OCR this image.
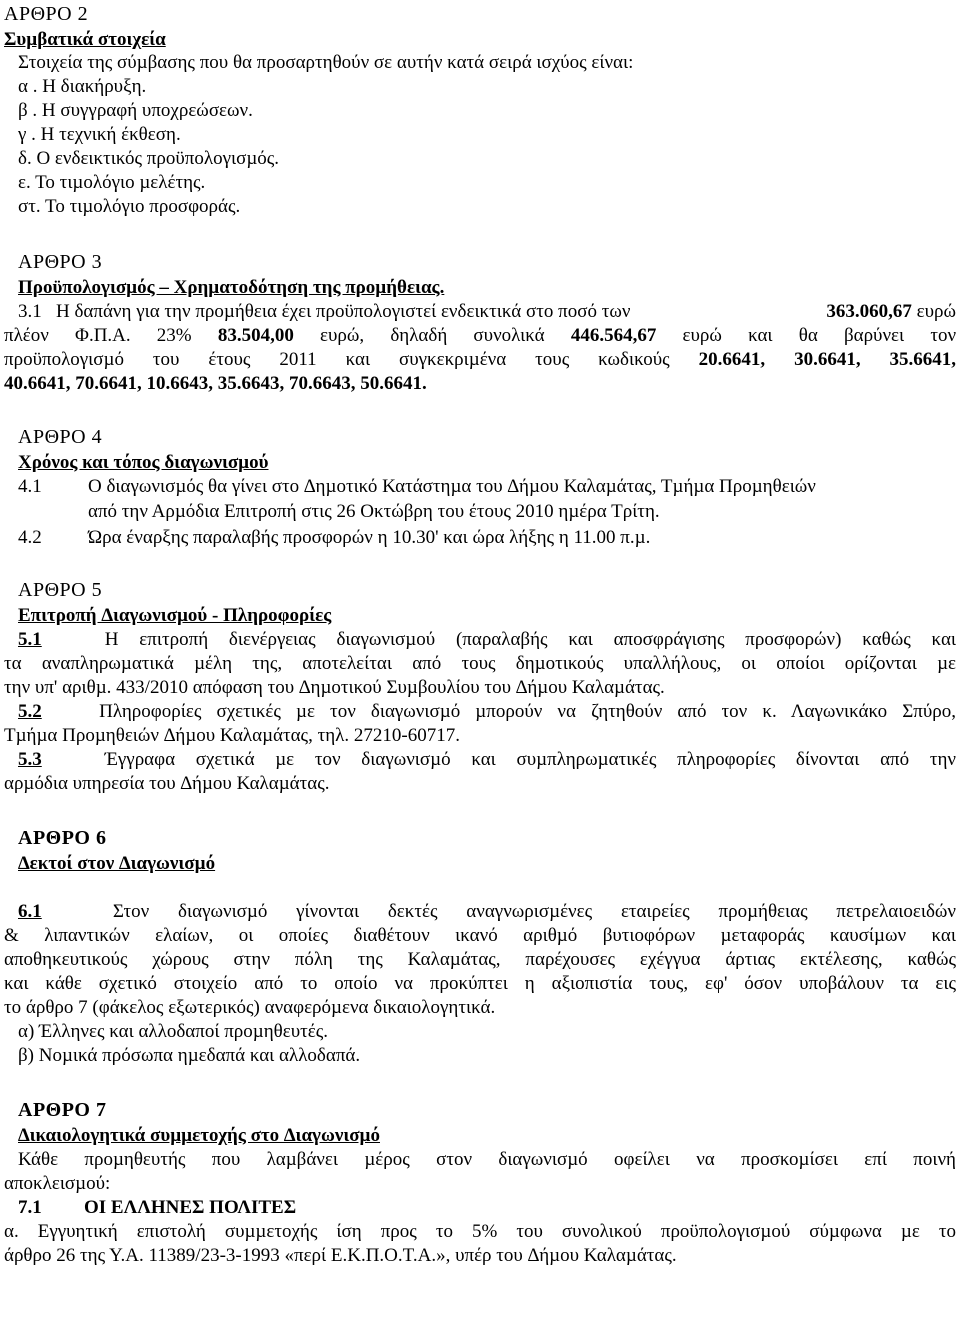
ΑΡΘΡΟ 2
Συµβατικά στοιχεία
Στοιχεία της σύµβασης που θα προσαρτηθούν σε αυτήν κατά σειρά ισχύος είναι:
α . Η διακήρυξη.
β . Η συγγραφή υποχρεώσεων.
γ . Η τεχνική έκθεση.
δ. Ο ενδεικτικός προϋπολογισµός.
ε. Το τιµολόγιο µελέτης.
στ. Το τιµολόγιο προσφοράς.
ΑΡΘΡΟ 3
Προϋπολογισµός – Χρηµατοδότηση της προµήθειας.
3.1 Η δαπάνη για την προµήθεια έχει προϋπολογιστεί ενδεικτικά στο ποσό των	363.060,67 ευρώ
πλέον Φ.Π.Α. 23% 83.504,00 ευρώ, δηλαδή συνολικά 446.564,67 ευρώ και θα βαρύνει τον
προϋπολογισµό του έτους 2011 και συγκεκριµένα τους κωδικούς 20.6641, 30.6641, 35.6641,
40.6641, 70.6641, 10.6643, 35.6643, 70.6643, 50.6641.
ΑΡΘΡΟ 4
Χρόνος και τόπος διαγωνισµού
4.1 Ο διαγωνισµός θα γίνει στο ∆ηµοτικό Κατάστηµα του ∆ήµου Καλαµάτας, Τµήµα Προµηθειών
από την Αρµόδια Επιτροπή στις 26 Οκτώβρη του έτους 2010 ηµέρα Τρίτη.
4.2 Ώρα έναρξης παραλαβής προσφορών η 10.30' και ώρα λήξης η 11.00 π.µ.
ΑΡΘΡΟ 5
Επιτροπή ∆ιαγωνισµού - Πληροφορίες
5.1	Η επιτροπή διενέργειας διαγωνισµού (παραλαβής και αποσφράγισης προσφορών) καθώς και
τα αναπληρωµατικά µέλη της, αποτελείται από τους δηµοτικούς υπαλλήλους, οι οποίοι ορίζονται µε
την υπ' αριθµ. 433/2010 απόφαση του ∆ηµοτικού Συµβουλίου του ∆ήµου Καλαµάτας.
5.2	Πληροφορίες σχετικές µε τον διαγωνισµό µπορούν να ζητηθούν από τον κ. Λαγωνικάκο Σπύρο,
Τµήµα Προµηθειών ∆ήµου Καλαµάτας, τηλ. 27210-60717.
5.3	Έγγραφα σχετικά µε τον διαγωνισµό και συµπληρωµατικές πληροφορίες δίνονται από την
αρµόδια υπηρεσία του ∆ήµου Καλαµάτας.
ΑΡΘΡΟ 6
∆εκτοί στον ∆ιαγωνισµό
6.1	Στον διαγωνισµό γίνονται δεκτές αναγνωρισµένες εταιρείες προµήθειας πετρελαιοειδών
& λιπαντικών ελαίων, οι οποίες διαθέτουν ικανό αριθµό βυτιοφόρων µεταφοράς καυσίµων και
αποθηκευτικούς χώρους στην πόλη της Καλαµάτας, παρέχουσες εχέγγυα άρτιας εκτέλεσης, καθώς
και κάθε σχετικό στοιχείο από το οποίο να προκύπτει η αξιοπιστία τους, εφ' όσον υποβάλουν τα εις
το άρθρο 7 (φάκελος εξωτερικός) αναφερόµενα δικαιολογητικά.
α) Έλληνες και αλλοδαποί προµηθευτές.
β) Νοµικά πρόσωπα ηµεδαπά και αλλοδαπά.
ΑΡΘΡΟ 7
∆ικαιολογητικά συµµετοχής στο ∆ιαγωνισµό
Κάθε προµηθευτής που λαµβάνει µέρος στον διαγωνισµό οφείλει να προσκοµίσει επί ποινή
αποκλεισµού:
7.1 ΟΙ ΕΛΛΗΝΕΣ ΠΟΛΙΤΕΣ
α. Εγγυητική επιστολή συµµετοχής ίση προς το 5% του συνολικού προϋπολογισµού σύµφωνα µε το
άρθρο 26 της Υ.Α. 11389/23-3-1993 «περί Ε.Κ.Π.Ο.Τ.Α.», υπέρ του ∆ήµου Καλαµάτας.
